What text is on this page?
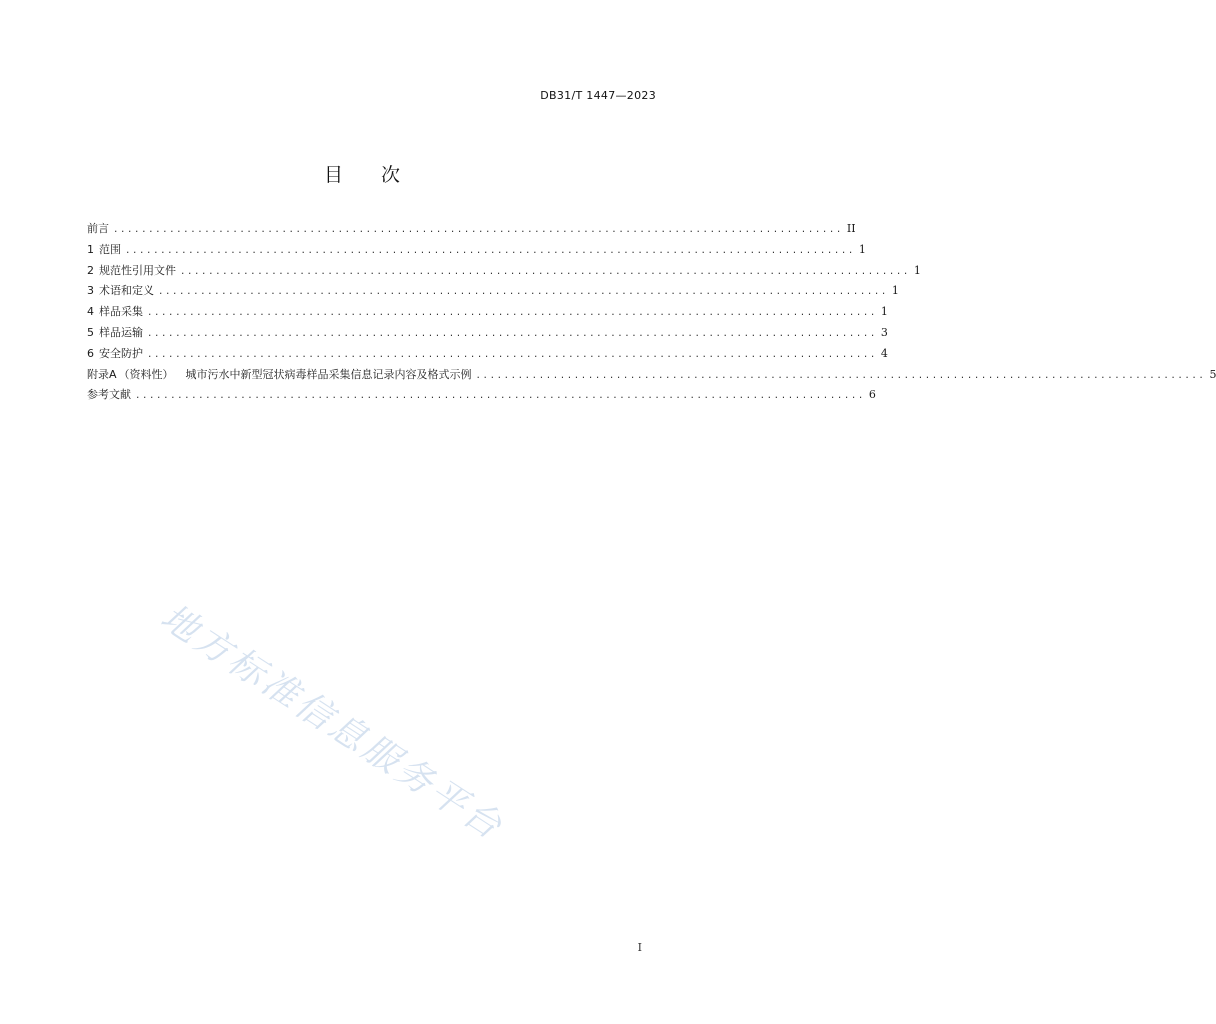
DB31/T 1447—2023
目 次
前言 ........................................................................................................ II
1 范围 ........................................................................................................ 1
2 规范性引用文件 ........................................................................................................ 1
3 术语和定义 ........................................................................................................ 1
4 样品采集 ........................................................................................................ 1
5 样品运输 ........................................................................................................ 3
6 安全防护 ........................................................................................................ 4
附录A （资料性） 城市污水中新型冠状病毒样品采集信息记录内容及格式示例 ........................................................................................................ 5
参考文献 ........................................................................................................ 6
地方标准信息服务平台
I
